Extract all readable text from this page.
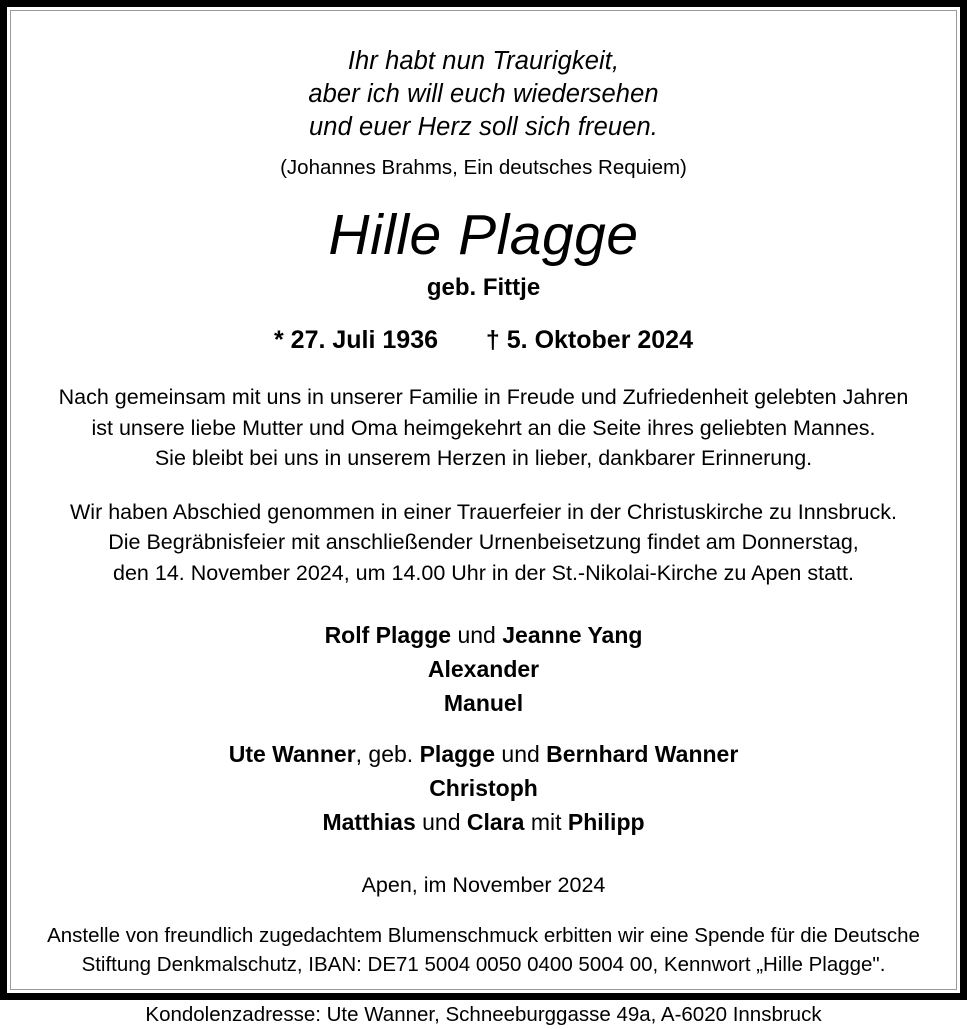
Ihr habt nun Traurigkeit,
aber ich will euch wiedersehen
und euer Herz soll sich freuen.
(Johannes Brahms, Ein deutsches Requiem)
Hille Plagge
geb. Fittje
* 27. Juli 1936 † 5. Oktober 2024
Nach gemeinsam mit uns in unserer Familie in Freude und Zufriedenheit gelebten Jahren
ist unsere liebe Mutter und Oma heimgekehrt an die Seite ihres geliebten Mannes.
Sie bleibt bei uns in unserem Herzen in lieber, dankbarer Erinnerung.
Wir haben Abschied genommen in einer Trauerfeier in der Christuskirche zu Innsbruck.
Die Begräbnisfeier mit anschließender Urnenbeisetzung findet am Donnerstag,
den 14. November 2024, um 14.00 Uhr in der St.-Nikolai-Kirche zu Apen statt.
Rolf Plagge und Jeanne Yang
Alexander
Manuel
Ute Wanner, geb. Plagge und Bernhard Wanner
Christoph
Matthias und Clara mit Philipp
Apen, im November 2024
Anstelle von freundlich zugedachtem Blumenschmuck erbitten wir eine Spende für die Deutsche
Stiftung Denkmalschutz, IBAN: DE71 5004 0050 0400 5004 00, Kennwort „Hille Plagge".
Kondolenzadresse: Ute Wanner, Schneeburggasse 49a, A-6020 Innsbruck
